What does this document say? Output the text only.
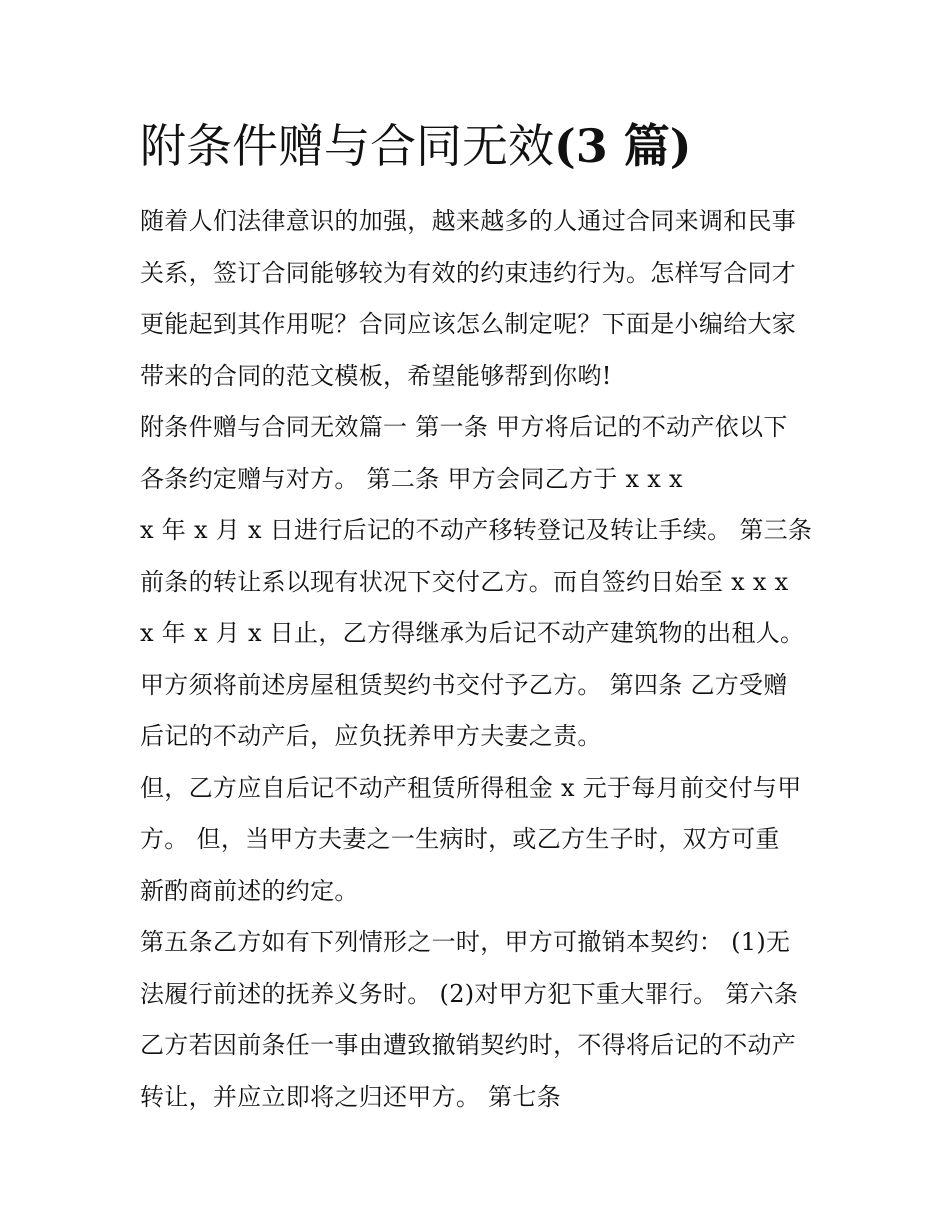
附条件赠与合同无效(3 篇)
随着人们法律意识的加强，越来越多的人通过合同来调和民事
关系，签订合同能够较为有效的约束违约行为。怎样写合同才
更能起到其作用呢？合同应该怎么制定呢？下面是小编给大家
带来的合同的范文模板，希望能够帮到你哟!
附条件赠与合同无效篇一 第一条 甲方将后记的不动产依以下
各条约定赠与对方。 第二条 甲方会同乙方于 x x x
x 年 x 月 x 日进行后记的不动产移转登记及转让手续。 第三条
前条的转让系以现有状况下交付乙方。而自签约日始至 x x x
x 年 x 月 x 日止，乙方得继承为后记不动产建筑物的出租人。
甲方须将前述房屋租赁契约书交付予乙方。 第四条 乙方受赠
后记的不动产后，应负抚养甲方夫妻之责。
但，乙方应自后记不动产租赁所得租金 x 元于每月前交付与甲
方。 但，当甲方夫妻之一生病时，或乙方生子时，双方可重
新酌商前述的约定。
第五条乙方如有下列情形之一时，甲方可撤销本契约： (1)无
法履行前述的抚养义务时。 (2)对甲方犯下重大罪行。 第六条
乙方若因前条任一事由遭致撤销契约时，不得将后记的不动产
转让，并应立即将之归还甲方。 第七条
